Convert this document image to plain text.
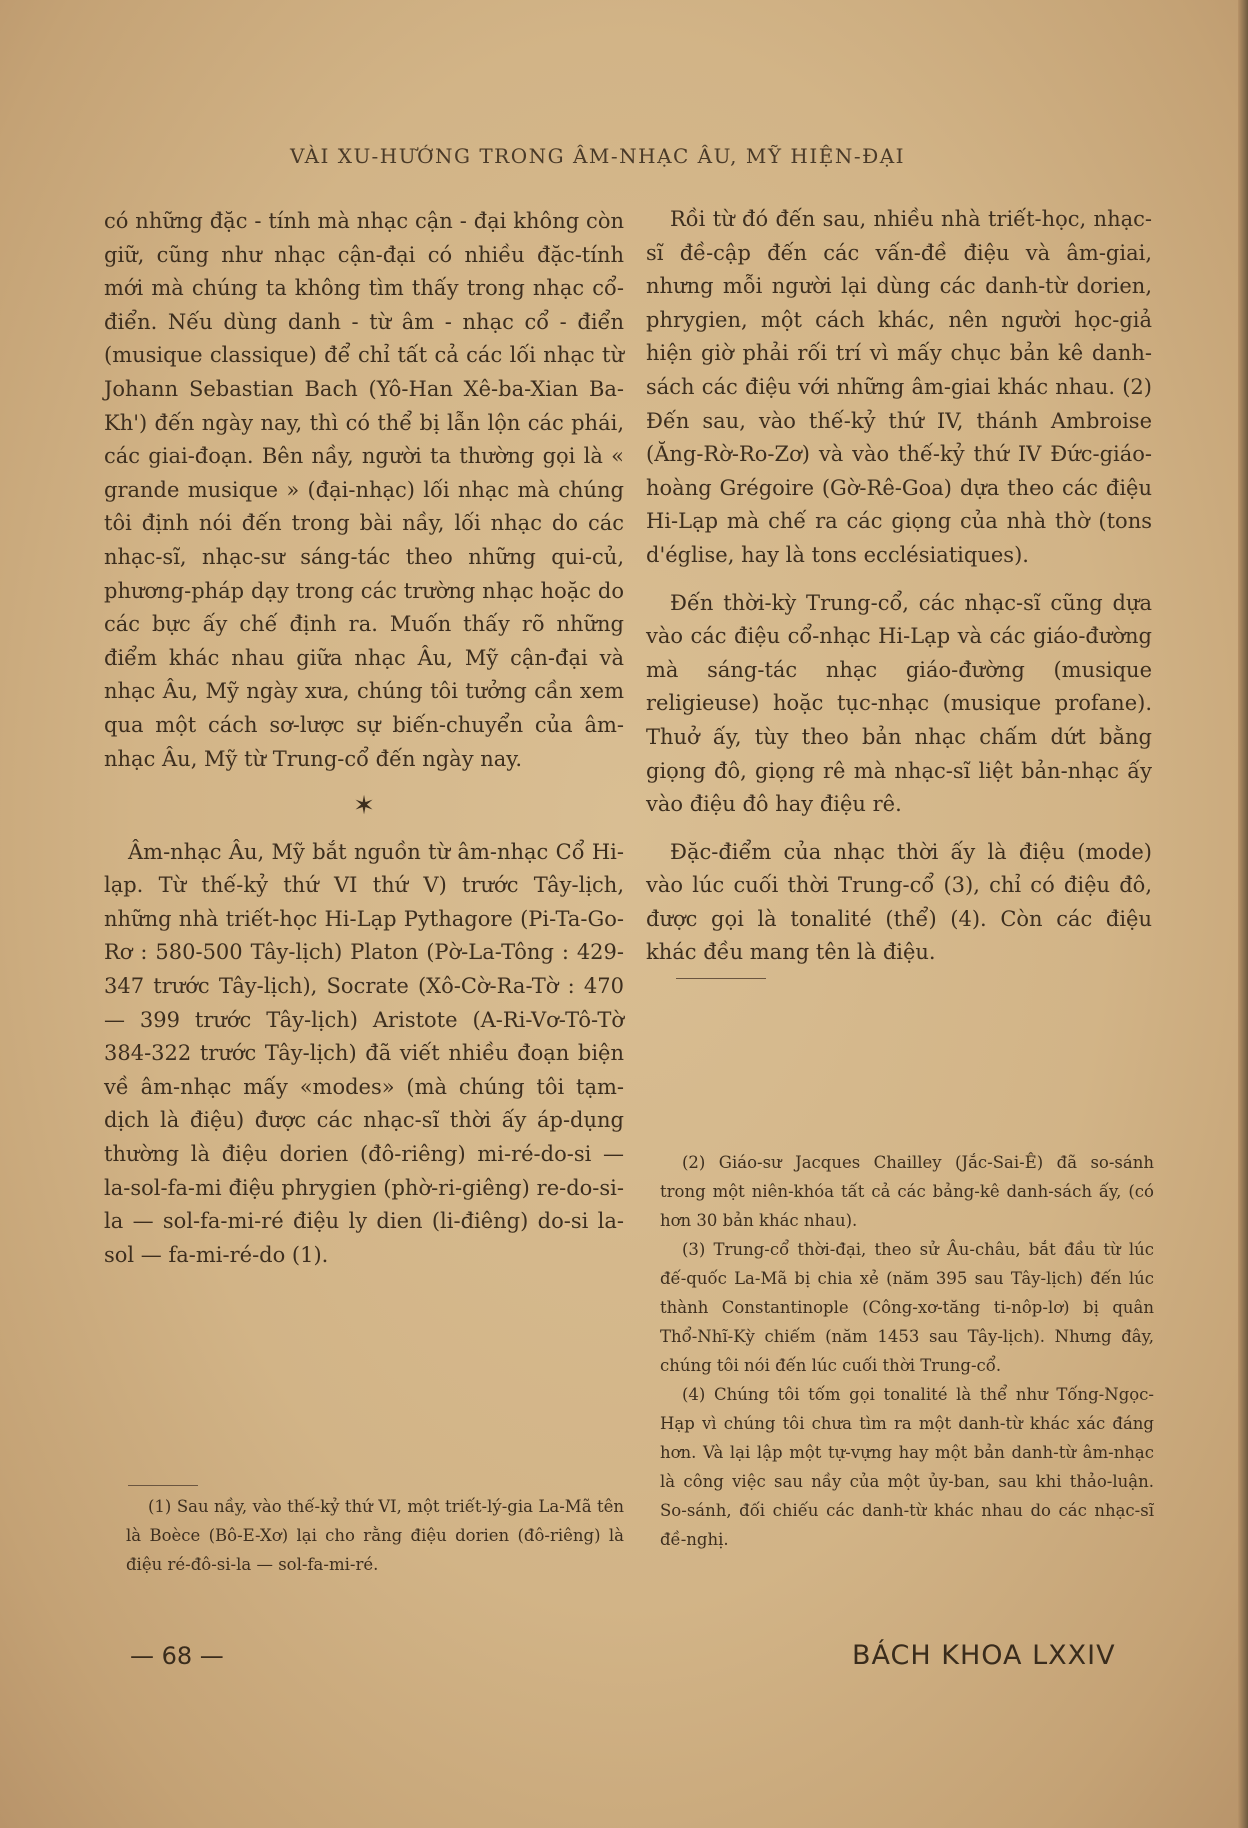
VÀI XU-HƯỚNG TRONG ÂM-NHẠC ÂU, MỸ HIỆN-ĐẠI

có những đặc - tính mà nhạc cận - đại không còn giữ, cũng như nhạc cận-đại có nhiều đặc-tính mới mà chúng ta không tìm thấy trong nhạc cổ-điển. Nếu dùng danh - từ âm - nhạc cổ - điển (musique classique) để chỉ tất cả các lối nhạc từ Johann Sebastian Bach (Yô-Han Xê-ba-Xian Ba-Kh') đến ngày nay, thì có thể bị lẫn lộn các phái, các giai-đoạn. Bên nầy, người ta thường gọi là « grande musique » (đại-nhạc) lối nhạc mà chúng tôi định nói đến trong bài nầy, lối nhạc do các nhạc-sĩ, nhạc-sư sáng-tác theo những qui-củ, phương-pháp dạy trong các trường nhạc hoặc do các bực ấy chế định ra. Muốn thấy rõ những điểm khác nhau giữa nhạc Âu, Mỹ cận-đại và nhạc Âu, Mỹ ngày xưa, chúng tôi tưởng cần xem qua một cách sơ-lược sự biến-chuyển của âm-nhạc Âu, Mỹ từ Trung-cổ đến ngày nay.

✶

Âm-nhạc Âu, Mỹ bắt nguồn từ âm-nhạc Cổ Hi-lạp. Từ thế-kỷ thứ VI thứ V) trước Tây-lịch, những nhà triết-học Hi-Lạp Pythagore (Pi-Ta-Go-Rơ : 580-500 Tây-lịch) Platon (Pờ-La-Tông : 429-347 trước Tây-lịch), Socrate (Xô-Cờ-Ra-Tờ : 470 — 399 trước Tây-lịch) Aristote (A-Ri-Vơ-Tô-Tờ 384-322 trước Tây-lịch) đã viết nhiều đoạn biện về âm-nhạc mấy «modes» (mà chúng tôi tạm-dịch là điệu) được các nhạc-sĩ thời ấy áp-dụng thường là điệu dorien (đô-riêng) mi-ré-do-si — la-sol-fa-mi điệu phrygien (phờ-ri-giêng) re-do-si-la — sol-fa-mi-ré điệu ly dien (li-điêng) do-si la-sol — fa-mi-ré-do (1).

(1) Sau nầy, vào thế-kỷ thứ VI, một triết-lý-gia La-Mã tên là Boèce (Bô-E-Xơ) lại cho rằng điệu dorien (đô-riêng) là điệu ré-đô-si-la — sol-fa-mi-ré.

Rồi từ đó đến sau, nhiều nhà triết-học, nhạc-sĩ đề-cập đến các vấn-đề điệu và âm-giai, nhưng mỗi người lại dùng các danh-từ dorien, phrygien, một cách khác, nên người học-giả hiện giờ phải rối trí vì mấy chục bản kê danh-sách các điệu với những âm-giai khác nhau. (2) Đến sau, vào thế-kỷ thứ IV, thánh Ambroise (Ăng-Rờ-Ro-Zơ) và vào thế-kỷ thứ IV Đức-giáo-hoàng Grégoire (Gờ-Rê-Goa) dựa theo các điệu Hi-Lạp mà chế ra các giọng của nhà thờ (tons d'église, hay là tons ecclésiatiques).

Đến thời-kỳ Trung-cổ, các nhạc-sĩ cũng dựa vào các điệu cổ-nhạc Hi-Lạp và các giáo-đường mà sáng-tác nhạc giáo-đường (musique religieuse) hoặc tục-nhạc (musique profane). Thuở ấy, tùy theo bản nhạc chấm dứt bằng giọng đô, giọng rê mà nhạc-sĩ liệt bản-nhạc ấy vào điệu đô hay điệu rê.

Đặc-điểm của nhạc thời ấy là điệu (mode) vào lúc cuối thời Trung-cổ (3), chỉ có điệu đô, được gọi là tonalité (thể) (4). Còn các điệu khác đều mang tên là điệu.

(2) Giáo-sư Jacques Chailley (Jắc-Sai-Ê) đã so-sánh trong một niên-khóa tất cả các bảng-kê danh-sách ấy, (có hơn 30 bản khác nhau).

(3) Trung-cổ thời-đại, theo sử Âu-châu, bắt đầu từ lúc đế-quốc La-Mã bị chia xẻ (năm 395 sau Tây-lịch) đến lúc thành Constantinople (Công-xơ-tăng ti-nôp-lơ) bị quân Thổ-Nhĩ-Kỳ chiếm (năm 1453 sau Tây-lịch). Nhưng đây, chúng tôi nói đến lúc cuối thời Trung-cổ.

(4) Chúng tôi tốm gọi tonalité là thể như Tống-Ngọc-Hạp vì chúng tôi chưa tìm ra một danh-từ khác xác đáng hơn. Và lại lập một tự-vựng hay một bản danh-từ âm-nhạc là công việc sau nầy của một ủy-ban, sau khi thảo-luận. So-sánh, đối chiếu các danh-từ khác nhau do các nhạc-sĩ đề-nghị.

— 68 —	BÁCH KHOA LXXIV
